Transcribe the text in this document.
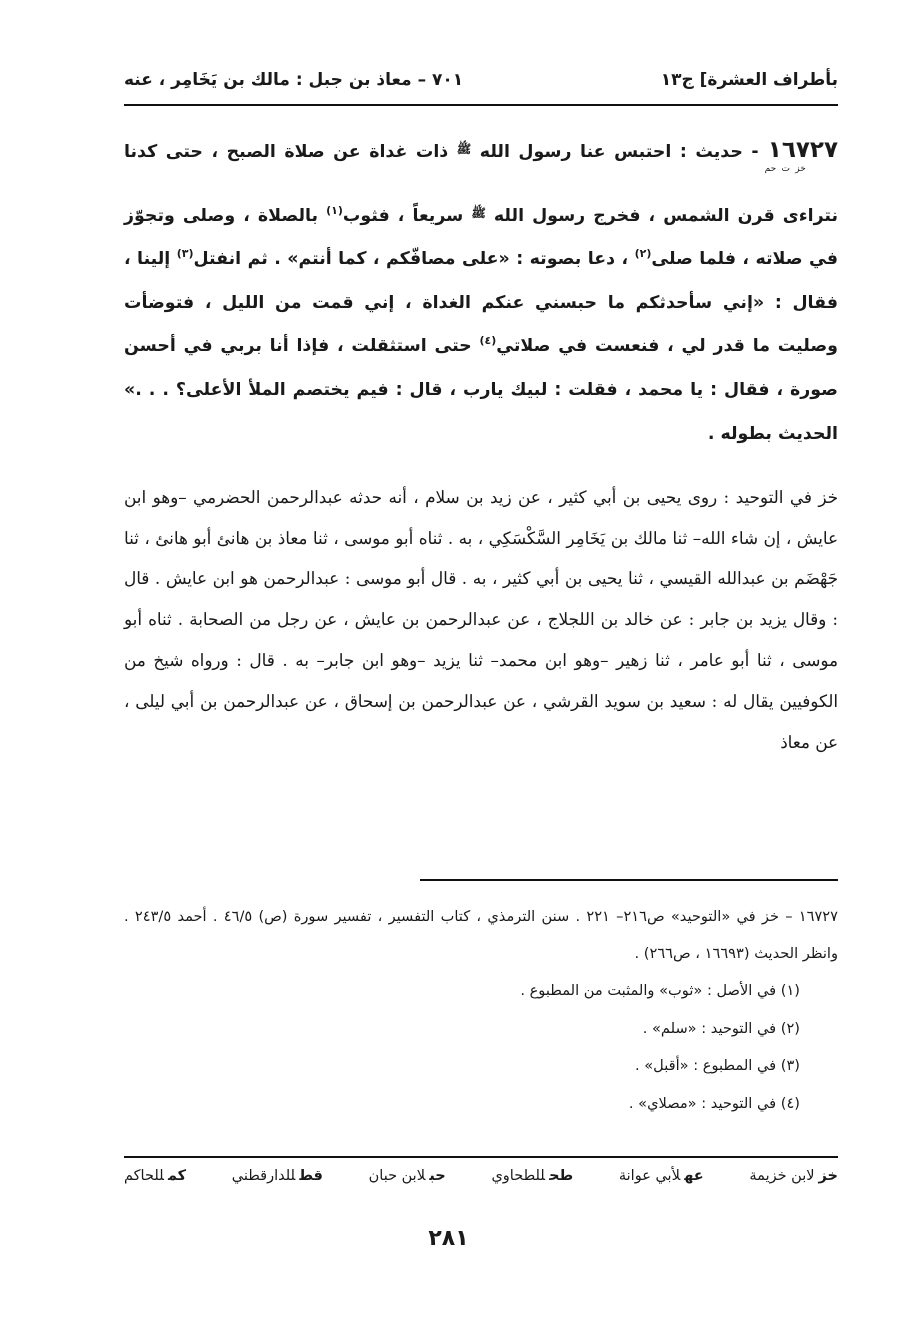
بأطراف العشرة] ج١٣
٧٠١ – معاذ بن جبل : مالك بن يَخَامِر ، عنه
$١٦٧٢٧_{خز ت حم}-$ حديث : احتبس عنا رسول الله $^ﷺ$ ذات غداة عن صلاة الصبح ، حتى كدنا نتراءى قرن الشمس ، فخرج رسول الله $^ﷺ$ سريعاً ، فثوب$^{(١)}$ بالصلاة ، وصلى وتجوّز في صلاته ، فلما صلى$^{(٢)}$ ، دعا بصوته : «على مصافّكم ، كما أنتم» . ثم انفتل$^{(٣)}$ إلينا ، فقال : «إني سأحدثكم ما حبسني عنكم الغداة ، إني قمت من الليل ، فتوضأت وصليت ما قدر لي ، فنعست في صلاتي$^{(٤)}$ حتى استثقلت ، فإذا أنا بربي في أحسن صورة ، فقال : يا محمد ، فقلت : لبيك يارب ، قال : فيم يختصم الملأ الأعلى؟ . . .» الحديث بطوله .

خز في التوحيد : روى يحيى بن أبي كثير ، عن زيد بن سلام ، أنه حدثه عبدالرحمن الحضرمي –وهو ابن عايش ، إن شاء الله– ثنا مالك بن يَخَامِر السَّكْسَكِي ، به . ثناه أبو موسى ، ثنا معاذ بن هانئ أبو هانئ ، ثنا جَهْضَم بن عبدالله القيسي ، ثنا يحيى بن أبي كثير ، به . قال أبو موسى : عبدالرحمن هو ابن عايش . قال : وقال يزيد بن جابر : عن خالد بن اللجلاج ، عن عبدالرحمن بن عايش ، عن رجل من الصحابة . ثناه أبو موسى ، ثنا أبو عامر ، ثنا زهير –وهو ابن محمد– ثنا يزيد –وهو ابن جابر– به . قال : ورواه شيخ من الكوفيين يقال له : سعيد بن سويد القرشي ، عن عبدالرحمن بن إسحاق ، عن عبدالرحمن بن أبي ليلى ، عن معاذ

١٦٧٢٧ – خز في «التوحيد» ص٢١٦– ٢٢١ . سنن الترمذي ، كتاب التفسير ، تفسير سورة (ص) ٤٦/٥ . أحمد ٢٤٣/٥ . وانظر الحديث (١٦٦٩٣ ، ص٢٦٦) .

(١) في الأصل : «ثوب» والمثبت من المطبوع .
(٢) في التوحيد : «سلم» .
(٣) في المطبوع : «أقبل» .
(٤) في التوحيد : «مصلاي» .
خزلابن خزيمة
عهلأبي عوانة
طحللطحاوي
حبلابن حبان
قطللدارقطني
كمللحاكم
٢٨١
